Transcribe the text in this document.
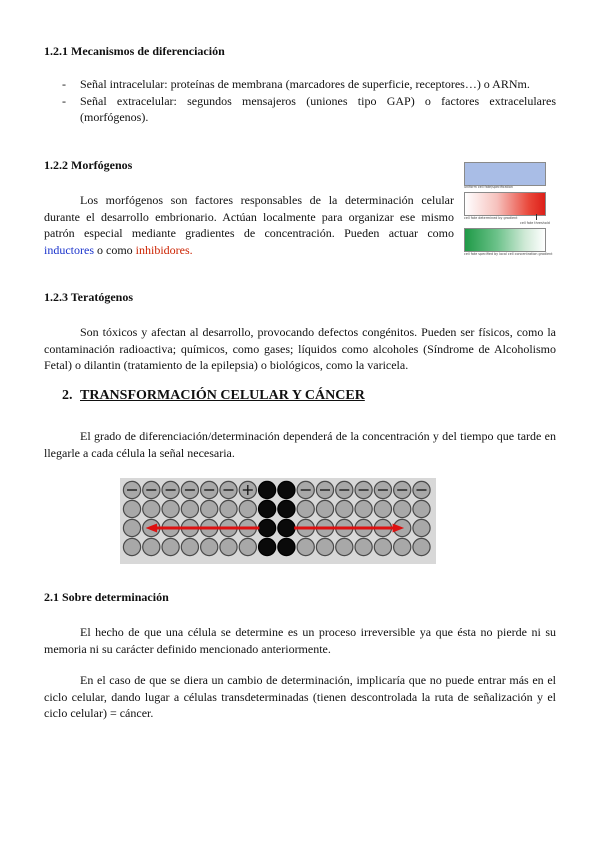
1.2.1 Mecanismos de diferenciación
- Señal intracelular: proteínas de membrana (marcadores de superficie, receptores…) o ARNm.
- Señal extracelular: segundos mensajeros (uniones tipo GAP) o factores extracelulares (morfógenos).
1.2.2 Morfógenos
Los morfógenos son factores responsables de la determinación celular durante el desarrollo embrionario. Actúan localmente para organizar ese mismo patrón especial mediante gradientes de concentración. Pueden actuar como inductores o como inhibidores.
uniform cell fate/specification
cell fate determined by gradient
cell fate threshold
cell fate specified by local cell concentration gradient
1.2.3 Teratógenos
Son tóxicos y afectan al desarrollo, provocando defectos congénitos. Pueden ser físicos, como la contaminación radioactiva; químicos, como gases; líquidos como alcoholes (Síndrome de Alcoholismo Fetal) o dilantin (tratamiento de la epilepsia) o biológicos, como la varicela.
2. TRANSFORMACIÓN CELULAR Y CÁNCER
El grado de diferenciación/determinación dependerá de la concentración y del tiempo que tarde en llegarle a cada célula la señal necesaria.
2.1 Sobre determinación
El hecho de que una célula se determine es un proceso irreversible ya que ésta no pierde ni su memoria ni su carácter definido mencionado anteriormente.
En el caso de que se diera un cambio de determinación, implicaría que no puede entrar más en el ciclo celular, dando lugar a células transdeterminadas (tienen descontrolada la ruta de señalización y el ciclo celular) = cáncer.
